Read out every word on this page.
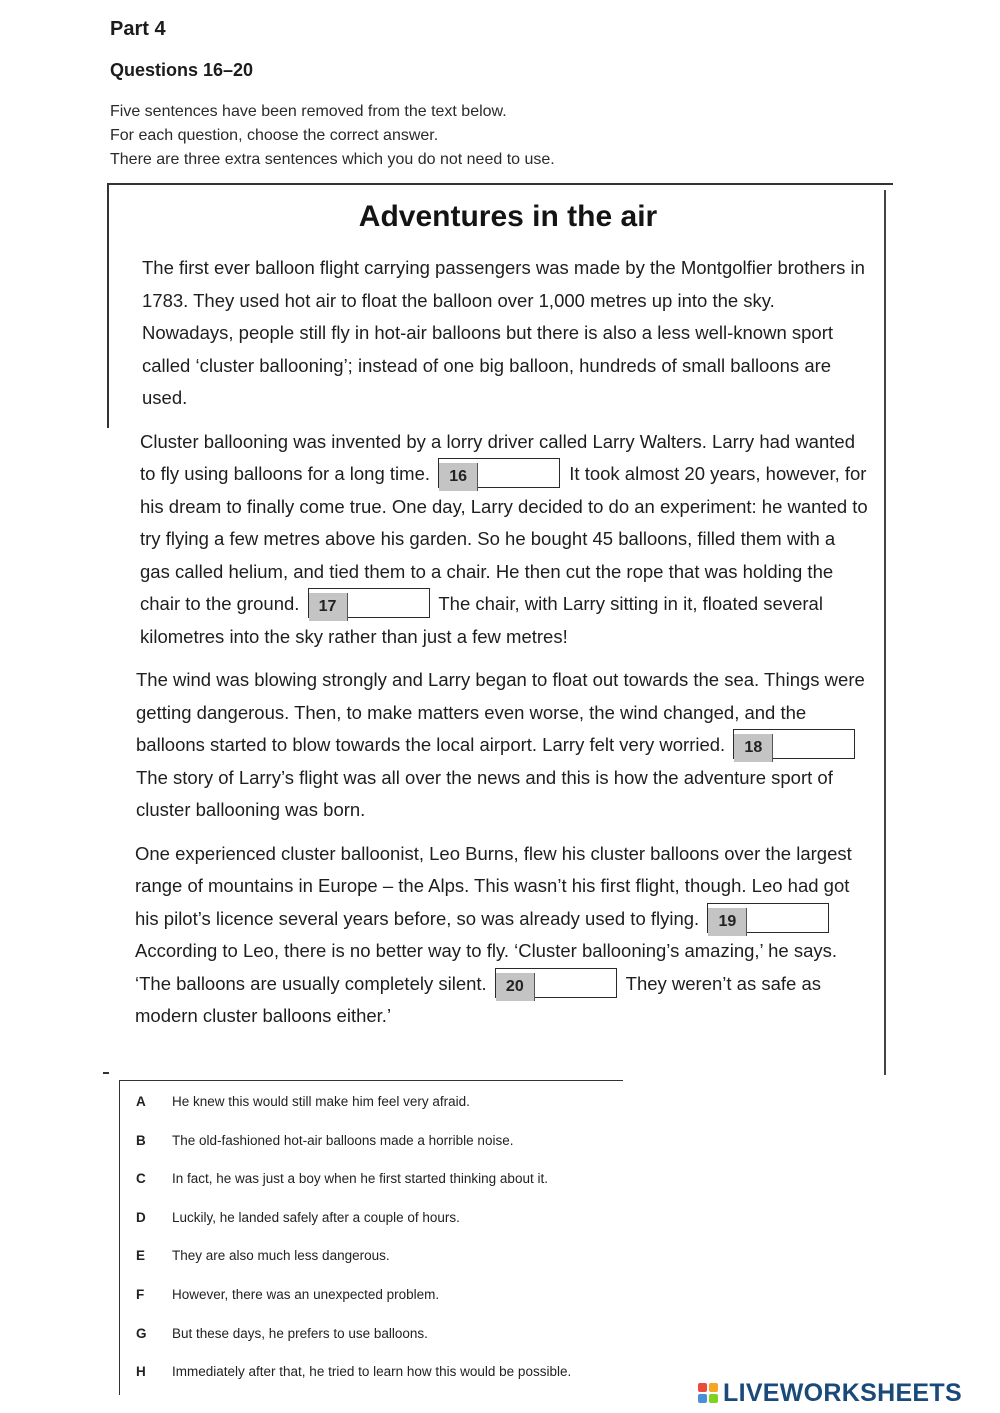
Part 4
Questions 16–20
Five sentences have been removed from the text below.
For each question, choose the correct answer.
There are three extra sentences which you do not need to use.
Adventures in the air

The first ever balloon flight carrying passengers was made by the Montgolfier brothers in 1783. They used hot air to float the balloon over 1,000 metres up into the sky. Nowadays, people still fly in hot-air balloons but there is also a less well-known sport called ‘cluster ballooning’; instead of one big balloon, hundreds of small balloons are used.

Cluster ballooning was invented by a lorry driver called Larry Walters. Larry had wanted to fly using balloons for a long time. 16	It took almost 20 years, however, for his dream to finally come true. One day, Larry decided to do an experiment: he wanted to try flying a few metres above his garden. So he bought 45 balloons, filled them with a gas called helium, and tied them to a chair. He then cut the rope that was holding the chair to the ground. 17	The chair, with Larry sitting in it, floated several kilometres into the sky rather than just a few metres!

The wind was blowing strongly and Larry began to float out towards the sea. Things were getting dangerous. Then, to make matters even worse, the wind changed, and the balloons started to blow towards the local airport. Larry felt very worried. 18 The story of Larry’s flight was all over the news and this is how the adventure sport of cluster ballooning was born.

One experienced cluster balloonist, Leo Burns, flew his cluster balloons over the largest range of mountains in Europe – the Alps. This wasn’t his first flight, though. Leo had got his pilot’s licence several years before, so was already used to flying. 19 According to Leo, there is no better way to fly. ‘Cluster ballooning’s amazing,’ he says. ‘The balloons are usually completely silent. 20	They weren’t as safe as modern cluster balloons either.’

A He knew this would still make him feel very afraid.
B The old-fashioned hot-air balloons made a horrible noise.
C In fact, he was just a boy when he first started thinking about it.
D Luckily, he landed safely after a couple of hours.
E They are also much less dangerous.
F However, there was an unexpected problem.
G But these days, he prefers to use balloons.
H Immediately after that, he tried to learn how this would be possible.
LIVEWORKSHEETS
